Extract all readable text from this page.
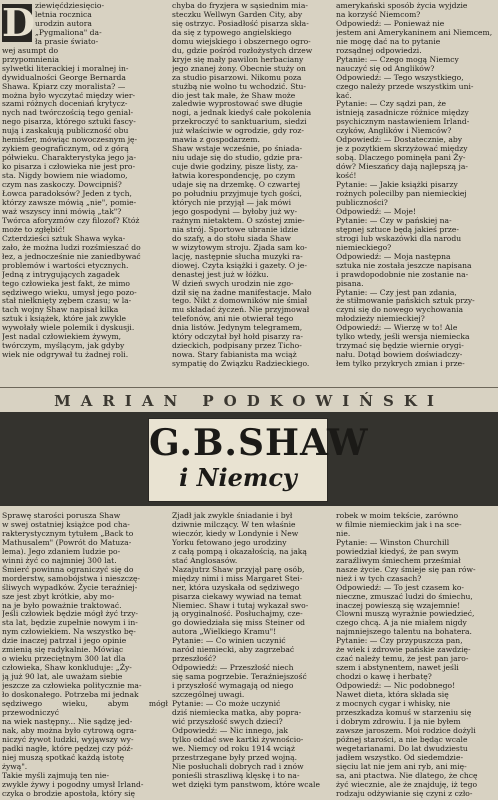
D ziewięćdziesięcio-
letnia rocznica
urodzin autora
„Pygmaliona" da-
ła prasie świato-
wej asumpt do
przypomnienia
sylwetki literackiej i moralnej in-
dywidualności George Bernarda
Shawa. Kpiarz czy moralista? —
można było wyczytać między wier-
szami różnych doceniań krytycz-
nych nad twórczością tego genial-
nego pisarza, którego sztuki fascy-
nują i zaskakują publiczność obu
hemisfer, mówiąc nowoczesnym ję-
zykiem geograficznym, od z górą
półwieku. Charakterystyka jego ja-
ko pisarza i człowieka nie jest pro-
sta. Nigdy bowiem nie wiadomo,
czym nas zaskoczy. Dowcipniś?
Łowca paradoksów? Jeden z tych,
którzy zawsze mówią „nie", pomie-
waż wszyscy inni mówią „tak"?
Twórca aforyzmów czy filozof? Któż
może to zgłębić!
Czterdzieści sztuk Shawa wyka-
zało, że można ludzi rozśmieszać do
łez, a jednocześnie nie zaniedbywać
problemów i wartości etycznych.
Jedną z intrygujących zagadek
tego człowieka jest fakt, że mimo
sędziwego wieku, umysł jego pozo-
stał niełknięty zębem czasu; w la-
tach wojny Shaw napisał kilka
sztuk i książek, które jak zwykle
wywołały wiele polemik i dyskusji.
Jest nadal człowiekiem żywym,
twórczym, myślącym, jak gdyby
wiek nie odgrywał tu żadnej roli.
chyba do fryzjera w sąsiednim mia-
steczku Wellwyn Garden City, aby
się ostrzyc. Posiadłość pisarza skła-
da się z typowego angielskiego
domu wiejskiego i obszernego ogro-
du, gdzie pośród rozłożystych drzew
kryje się mały pawilon herbaciany
jego znanej żony. Obecnie stuży on
za studio pisarzowi. Nikomu poza
stużbą nie wolno tu wchodzić. Stu-
dio jest tak małe, że Shaw może
zaledwie wyprostować swe długie
nogi, a jednak kiedyś całe pokolenia
przekroczyć to sanktuarium, siedzi
już właściwie w ogrodzie, gdy roz-
mawia z gospodarzem.
Shaw wstaje wcześnie, po śniada-
niu udaje się do studio, gdzie pra-
cuje dwie godziny, pisze listy, za-
łatwia korespondencję, po czym
udaje się na drzemkę. O czwartej
po południu przyjmuje tych gości,
których nie przyjął — jak mówi
jego gospodyni — byłoby już wy-
raźnym nietaktem. O szóstej zmie-
nia strój. Sportowe ubranie idzie
do szafy, a do stołu siada Shaw
w wizytowym stroju. Zjada sam ko-
lację, następnie słucha muzyki ra-
diowej. Czyta książki i gazety. O je-
denastej jest już w łóżku.
W dzień swych urodzin nie zgo-
dził się na żadne manifestacje. Mało
tego. Nikt z domowników nie śmiał
mu składać życzeń. Nie przyjmował
telefonów, ani nie otwierał tego
dnia listów. Jedynym telegramem,
który odczytał był hołd pisarzy ra-
dzieckich, podpisany przez Ticho-
nowa. Stary fabianista ma wciąż
sympatię do Związku Radzieckiego.
amerykański sposób życia wyjdzie
na korzyść Niemcom?
Odpowiedź: — Ponieważ nie
jestem ani Amerykaninem ani Niemcem,
nie mogę dać na to pytanie
rozsądnej odpowiedzi.
Pytanie: — Czego mogą Niemcy
nauczyć się od Anglików?
Odpowiedź: — Tego wszystkiego,
czego należy przede wszystkim uni-
kać.
Pytanie: — Czy sądzi pan, że
istnieją zasadnicze różnice między
psychicznym nastawieniem Irland-
czyków, Anglików i Niemców?
Odpowiedź: — Dostatecznie, aby
je z pozytkiem skrzyżować między
sobą. Dlaczego pominęła pani Ży-
dów? Mieszańcy dają najlepszą ja-
kość!
Pytanie: — Jakie książki pisarzy
rożnych polecilby pan niemieckiej
publiczności?
Odpowiedź: — Moje!
Pytanie: — Czy w pańskiej na-
stępnej sztuce będą jakieś prze-
strogi lub wskazówki dla narodu
niemieckiego?
Odpowiedź: — Moja następna
sztuka nie została jeszcze napisana
i prawdopodobnie nie zostanie na-
pisana.
Pytanie: — Czy jest pan zdania,
że stiłmowanie pańskich sztuk przy-
czyni się do nowego wychowania
młodzieży niemieckiej?
Odpowiedź: — Wierzę w to! Ale
tylko wtedy, jeśli wersja niemiecka
trzymać się będzie wiernie orygi-
nału. Dotąd bowiem doświadczy-
łem tylko przykrych zmian i prze-
MARIAN PODKOWIŃSKI
G.B.SHAW
i Niemcy
Sprawę starości porusza Shaw
w swej ostatniej książce pod cha-
rakterystycznym tytułem „Back to
Mathusalem" (Powrót do Matuza-
lema). Jego zdaniem ludzie po-
winni żyć co najmniej 300 lat.
Śmierć powinna ograniczyć się do
morderstw, samobójstwa i nieszczę-
śliwych wypadków. Życie teraźniej-
sze jest zbyt krótkie, aby mo-
na je było poważnie traktować.
Jeśli człowiek będzie mógł żyć trzy-
sta lat, będzie zupełnie nowym i in-
nym człowiekiem. Na wszystko bę-
dzie inaczej patrzał i jego opinie
zmienią się radykalnie. Mówiąc
o wieku przeciętnym 300 lat dla
człowieka, Shaw konkluduje: „Ży-
ją już 90 lat, ale uważam siebie
jeszcze za człowieka politycznie ma-
ło doskonałego. Potrzeba mi jednak
sędziwego wieku, abym mógł przewodniczyć
na wiek następny... Nie sądzę jed-
nak, aby można było cytrową ogra-
niczyć żywot ludzki, wyjąwszy wy-
padki nagłe, które pędzej czy póź-
niej muszą spotkać każdą istotę
żywą".
Takie myśli zajmują ten nie-
zwykle żywy i pogodny umysł Irland-
czyka o brodzie apostoła, który się
Zjadł jak zwykle śniadanie i był
dziwnie milczący. W ten właśnie
wieczór, kiedy w Londynie i New
Yorku fetowano jego urodziny
z całą pompą i okazałością, na jaką
stać Anglosasów.
Nazajutrz Shaw przyjął parę osób,
między nimi i miss Margaret Stei-
ner, która uzyskała od sędziwego
pisarza ciekawy wywiad na temat
Niemiec. Shaw i tutaj wykazał swo-
ją oryginalność. Posłuchajmy, cze-
go dowiedziała się miss Steiner od
autora „Wielkiego Kramu"!
Pytanie: — Co winien uczynić
naród niemiecki, aby zagrzebać
przeszłość?
Odpowiedź: — Przeszłość niech
się sama pogrzebie. Teraźniejszość
i przyszłość wymagają od niego
szczególnej uwagi.
Pytanie: — Co może uczynić
dziś niemiecka matka, aby popra-
wić przyszłość swych dzieci?
Odpowiedź: — Nic innego, jak
tylko oddać swe kartki żywnościo-
we. Niemcy od roku 1914 wciąż
przestrzegane były przed wojną.
Nie posłuchali dobrych rad i znów
ponieśli straszliwą klęskę i to na-
wet dzięki tym panstwom, które wcale
robek w moim tekście, zarówno
w filmie niemieckim jak i na sce-
nie.
Pytanie: — Winston Churchill
powiedział kiedyś, że pan swym
zaraźliwym śmiechem prześmiał
nasze życie. Czy śmieje się pan rów-
nież i w tych czasach?
Odpowiedź: — To jest czasem ko-
nieczne, zmuszać ludzi do śmiechu,
inaczej powieszą się wzajemnie!
Clowni muszą wyrażnie powiedzieć,
czego chcą. A ja nie miałem nigdy
najmniejszego talentu na bohatera.
Pytanie: — Czy przypuszcza pan,
że wiek i zdrowie pańskie zawdzię-
czać należy temu, że jest pan jaro-
szem i abstynentem, nawet jeśli
chodzi o kawę i herbatę?
Odpowiedź: — Nic podobnego!
Nawet dieta, która składa się
z mocnych cygar i whisky, nie
przeszkadza komuś w starzeniu się
i dobrym zdrowiu. I ja nie byłem
zawsze jaroszem. Moi rodzice dożyli
późnej starości, a nie będąc wcale
wegetarianami. Do lat dwudziestu
jadłem wszystko. Od siedemdzie-
sięciu lat nie jem ani ryb, ani mię-
sa, ani ptactwa. Nie dlatego, że chcę
żyć wiecznie, ale że znajduję, iż tego
rodzaju odżywianie się czyni z czło-
